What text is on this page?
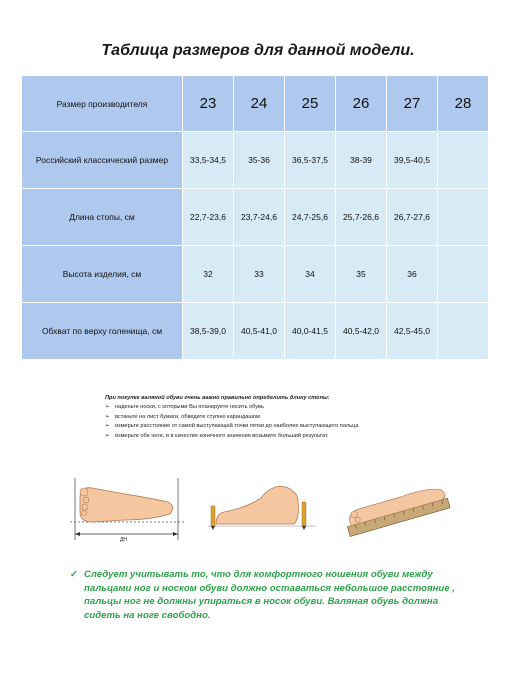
Таблица размеров для данной модели.
Размер производителя	23	24	25	26	27	28
Российский классический размер	33,5-34,5	35-36	36,5-37,5	38-39	39,5-40,5	
Длина стопы, см	22,7-23,6	23,7-24,6	24,7-25,6	25,7-26,6	26,7-27,6	
Высота изделия, см	32	33	34	35	36	
Обхват по верху голенища, см	38,5-39,0	40,5-41,0	40,0-41,5	40,5-42,0	42,5-45,0	
При покупке валяной обуви очень важно правильно определить длину стопы:
➢ наденьте носки, с которыми Вы планируете носить обувь
➢ встаньте на лист бумаги, обведите ступню карандашом
➢ измерьте расстояние от самой выступающей точки пятки до наиболее выступающего пальца
➢ измерьте обе ноги, и в качестве конечного значения возьмите больший результат.
ДН
✓ Следует учитывать то, что для комфортного ношения обуви между пальцами ног и носком обуви должно оставаться небольшое расстояние , пальцы ног не должны упираться в носок обуви. Валяная обувь должна сидеть на ноге свободно.
